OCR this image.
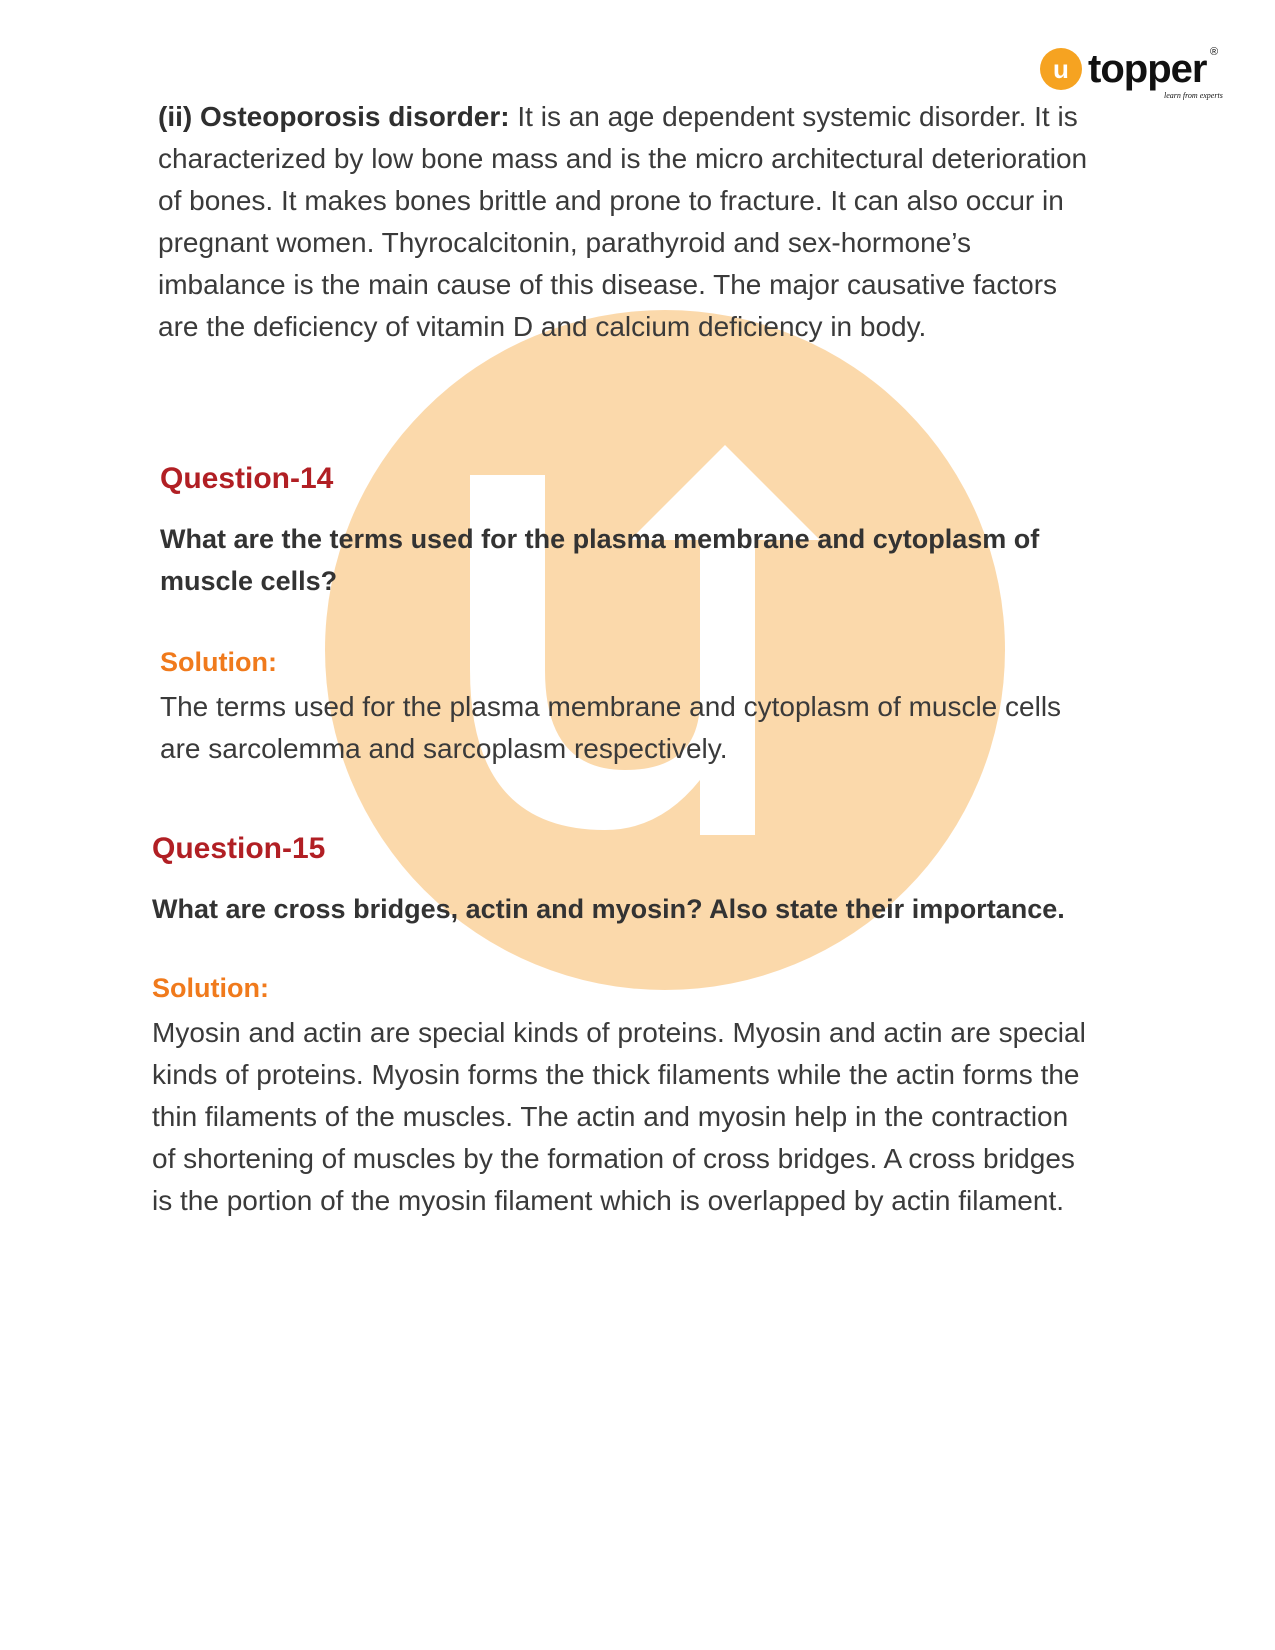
u topper ®
learn from experts

(ii) Osteoporosis disorder: It is an age dependent systemic disorder. It is characterized by low bone mass and is the micro architectural deterioration of bones. It makes bones brittle and prone to fracture. It can also occur in pregnant women. Thyrocalcitonin, parathyroid and sex-hormone’s imbalance is the main cause of this disease. The major causative factors are the deficiency of vitamin D and calcium deficiency in body.

Question-14

What are the terms used for the plasma membrane and cytoplasm of muscle cells?

Solution:

The terms used for the plasma membrane and cytoplasm of muscle cells are sarcolemma and sarcoplasm respectively.

Question-15

What are cross bridges, actin and myosin? Also state their importance.

Solution:

Myosin and actin are special kinds of proteins. Myosin and actin are special kinds of proteins. Myosin forms the thick filaments while the actin forms the thin filaments of the muscles. The actin and myosin help in the contraction of shortening of muscles by the formation of cross bridges. A cross bridges is the portion of the myosin filament which is overlapped by actin filament.
